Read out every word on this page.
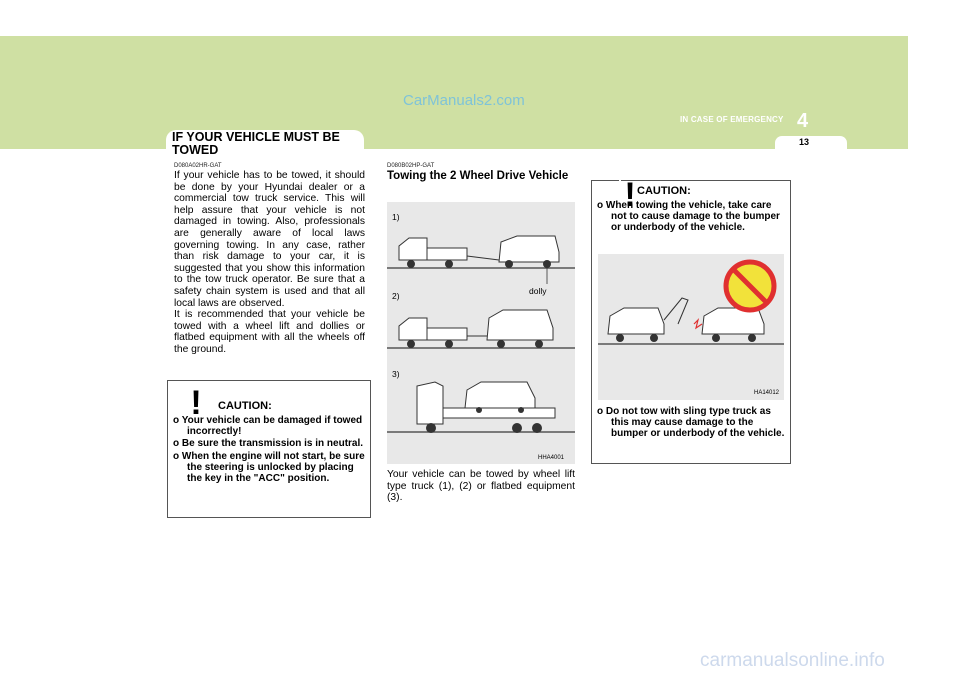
CarManuals2.com
IN CASE OF EMERGENCY 4
13
IF YOUR VEHICLE MUST BE TOWED
D080A02HR-GAT
If your vehicle has to be towed, it should be done by your Hyundai dealer or a commercial tow truck service. This will help assure that your vehicle is not damaged in towing. Also, professionals are generally aware of local laws governing towing. In any case, rather than risk damage to your car, it is suggested that you show this information to the tow truck operator. Be sure that a safety chain system is used and that all local laws are observed.
It is recommended that your vehicle be towed with a wheel lift and dollies or flatbed equipment with all the wheels off the ground.
! CAUTION:
o Your vehicle can be damaged if towed incorrectly!
o Be sure the transmission is in neutral.
o When the engine will not start, be sure the steering is unlocked by placing the key in the "ACC" position.
D080B02HP-GAT
Towing the 2 Wheel Drive Vehicle
1)
2)
3)
dolly
HHA4001
Your vehicle can be towed by wheel lift type truck (1), (2) or flatbed equipment (3).
! CAUTION:
o When towing the vehicle, take care not to cause damage to the bumper or underbody of the vehicle.
HA14012
o Do not tow with sling type truck as this may cause damage to the bumper or underbody of the vehicle.
carmanualsonline.info
